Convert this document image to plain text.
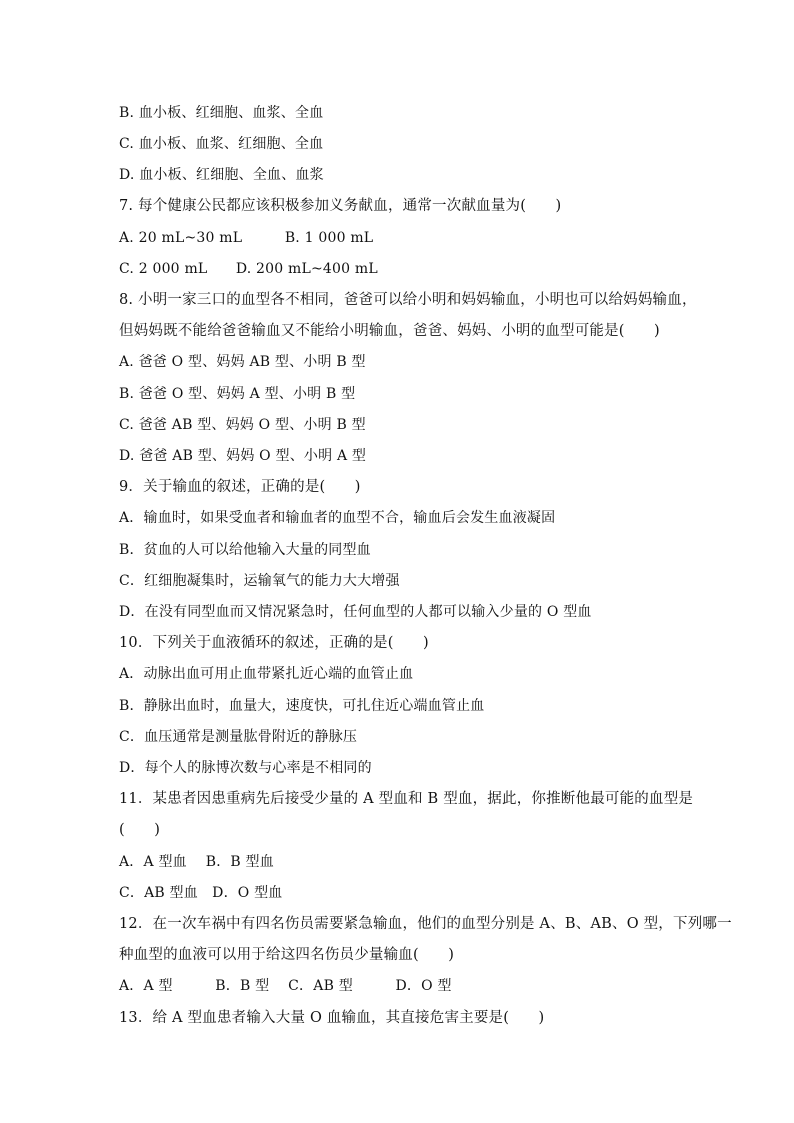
B. 血小板、红细胞、血浆、全血
C. 血小板、血浆、红细胞、全血
D. 血小板、红细胞、全血、血浆
7. 每个健康公民都应该积极参加义务献血，通常一次献血量为(　　)
A. 20 mL~30 mL　　　B. 1 000 mL
C. 2 000 mL　　D. 200 mL~400 mL
8. 小明一家三口的血型各不相同，爸爸可以给小明和妈妈输血，小明也可以给妈妈输血，
但妈妈既不能给爸爸输血又不能给小明输血，爸爸、妈妈、小明的血型可能是(　　)
A. 爸爸 O 型、妈妈 AB 型、小明 B 型
B. 爸爸 O 型、妈妈 A 型、小明 B 型
C. 爸爸 AB 型、妈妈 O 型、小明 B 型
D. 爸爸 AB 型、妈妈 O 型、小明 A 型
9．关于输血的叙述，正确的是(　　)
A．输血时，如果受血者和输血者的血型不合，输血后会发生血液凝固
B．贫血的人可以给他输入大量的同型血
C．红细胞凝集时，运输氧气的能力大大增强
D．在没有同型血而又情况紧急时，任何血型的人都可以输入少量的 O 型血
10．下列关于血液循环的叙述，正确的是(　　)
A．动脉出血可用止血带紧扎近心端的血管止血
B．静脉出血时，血量大，速度快，可扎住近心端血管止血
C．血压通常是测量肱骨附近的静脉压
D．每个人的脉博次数与心率是不相同的
11．某患者因患重病先后接受少量的 A 型血和 B 型血，据此，你推断他最可能的血型是
(　　)
A．A 型血　 B．B 型血
C．AB 型血　D．O 型血
12．在一次车祸中有四名伤员需要紧急输血，他们的血型分别是 A、B、AB、O 型，下列哪一
种血型的血液可以用于给这四名伤员少量输血(　　)
A．A 型　　　B．B 型　 C．AB 型　　　D．O 型
13．给 A 型血患者输入大量 O 血输血，其直接危害主要是(　　)
